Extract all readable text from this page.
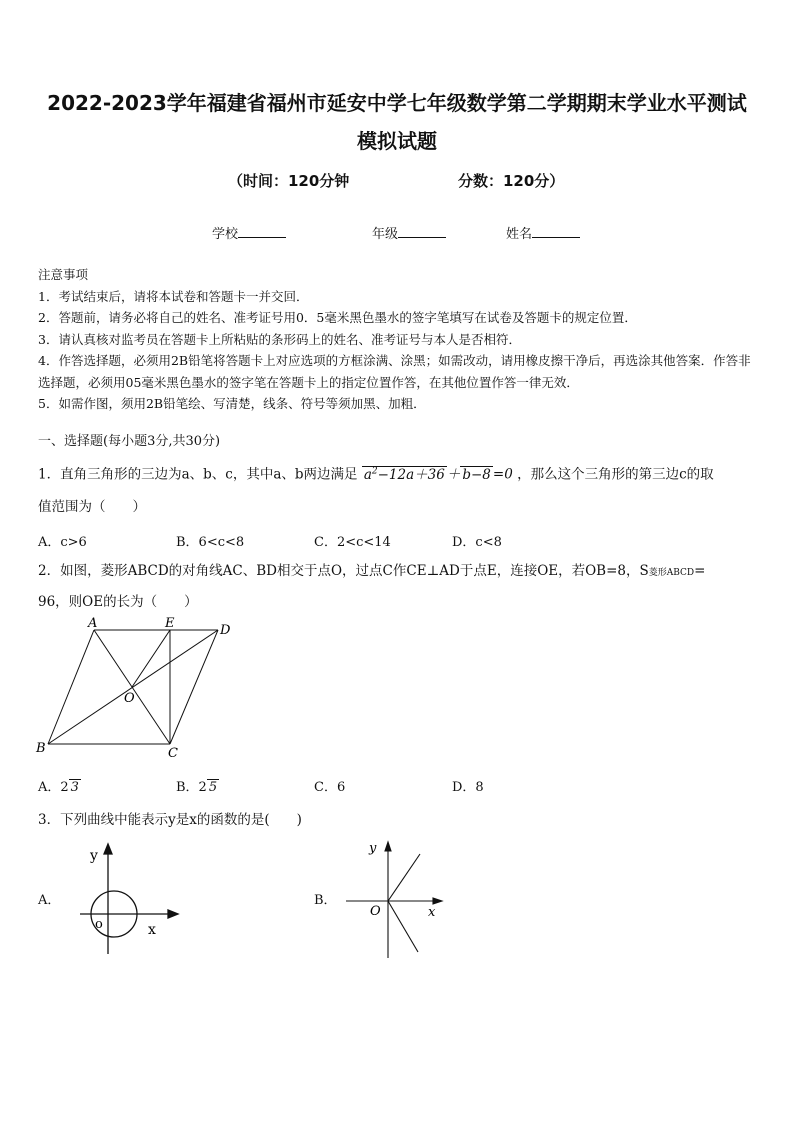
2022-2023学年福建省福州市延安中学七年级数学第二学期期末学业水平测试模拟试题
（时间：120分钟	分数：120分）
学校	年级	姓名
注意事项
1．考试结束后，请将本试卷和答题卡一并交回．
2．答题前，请务必将自己的姓名、准考证号用0．5毫米黑色墨水的签字笔填写在试卷及答题卡的规定位置．
3．请认真核对监考员在答题卡上所粘贴的条形码上的姓名、准考证号与本人是否相符．
4．作答选择题，必须用2B铅笔将答题卡上对应选项的方框涂满、涂黑；如需改动，请用橡皮擦干净后，再选涂其他答案．作答非选择题，必须用05毫米黑色墨水的签字笔在答题卡上的指定位置作答，在其他位置作答一律无效．
5．如需作图，须用2B铅笔绘、写清楚，线条、符号等须加黑、加粗．
一、选择题(每小题3分,共30分)
1．直角三角形的三边为a、b、c，其中a、b两边满足 $a^2-12a+36 + b-8 =0$ ，那么这个三角形的第三边c的取
值范围为（　　）
A．c>6	B．6<c<8	C．2<c<14	D．c<8
2．如图，菱形ABCD的对角线AC、BD相交于点O，过点C作CE⊥AD于点E，连接OE，若OB=8，S菱形ABCD=
96，则OE的长为（　　）
A	E	D
O
B	C
A．2 3	B．2 5	C．6	D．8
3．下列曲线中能表示y是x的函数的是(　　)
A．
y
x
o
B．
y
x
O
